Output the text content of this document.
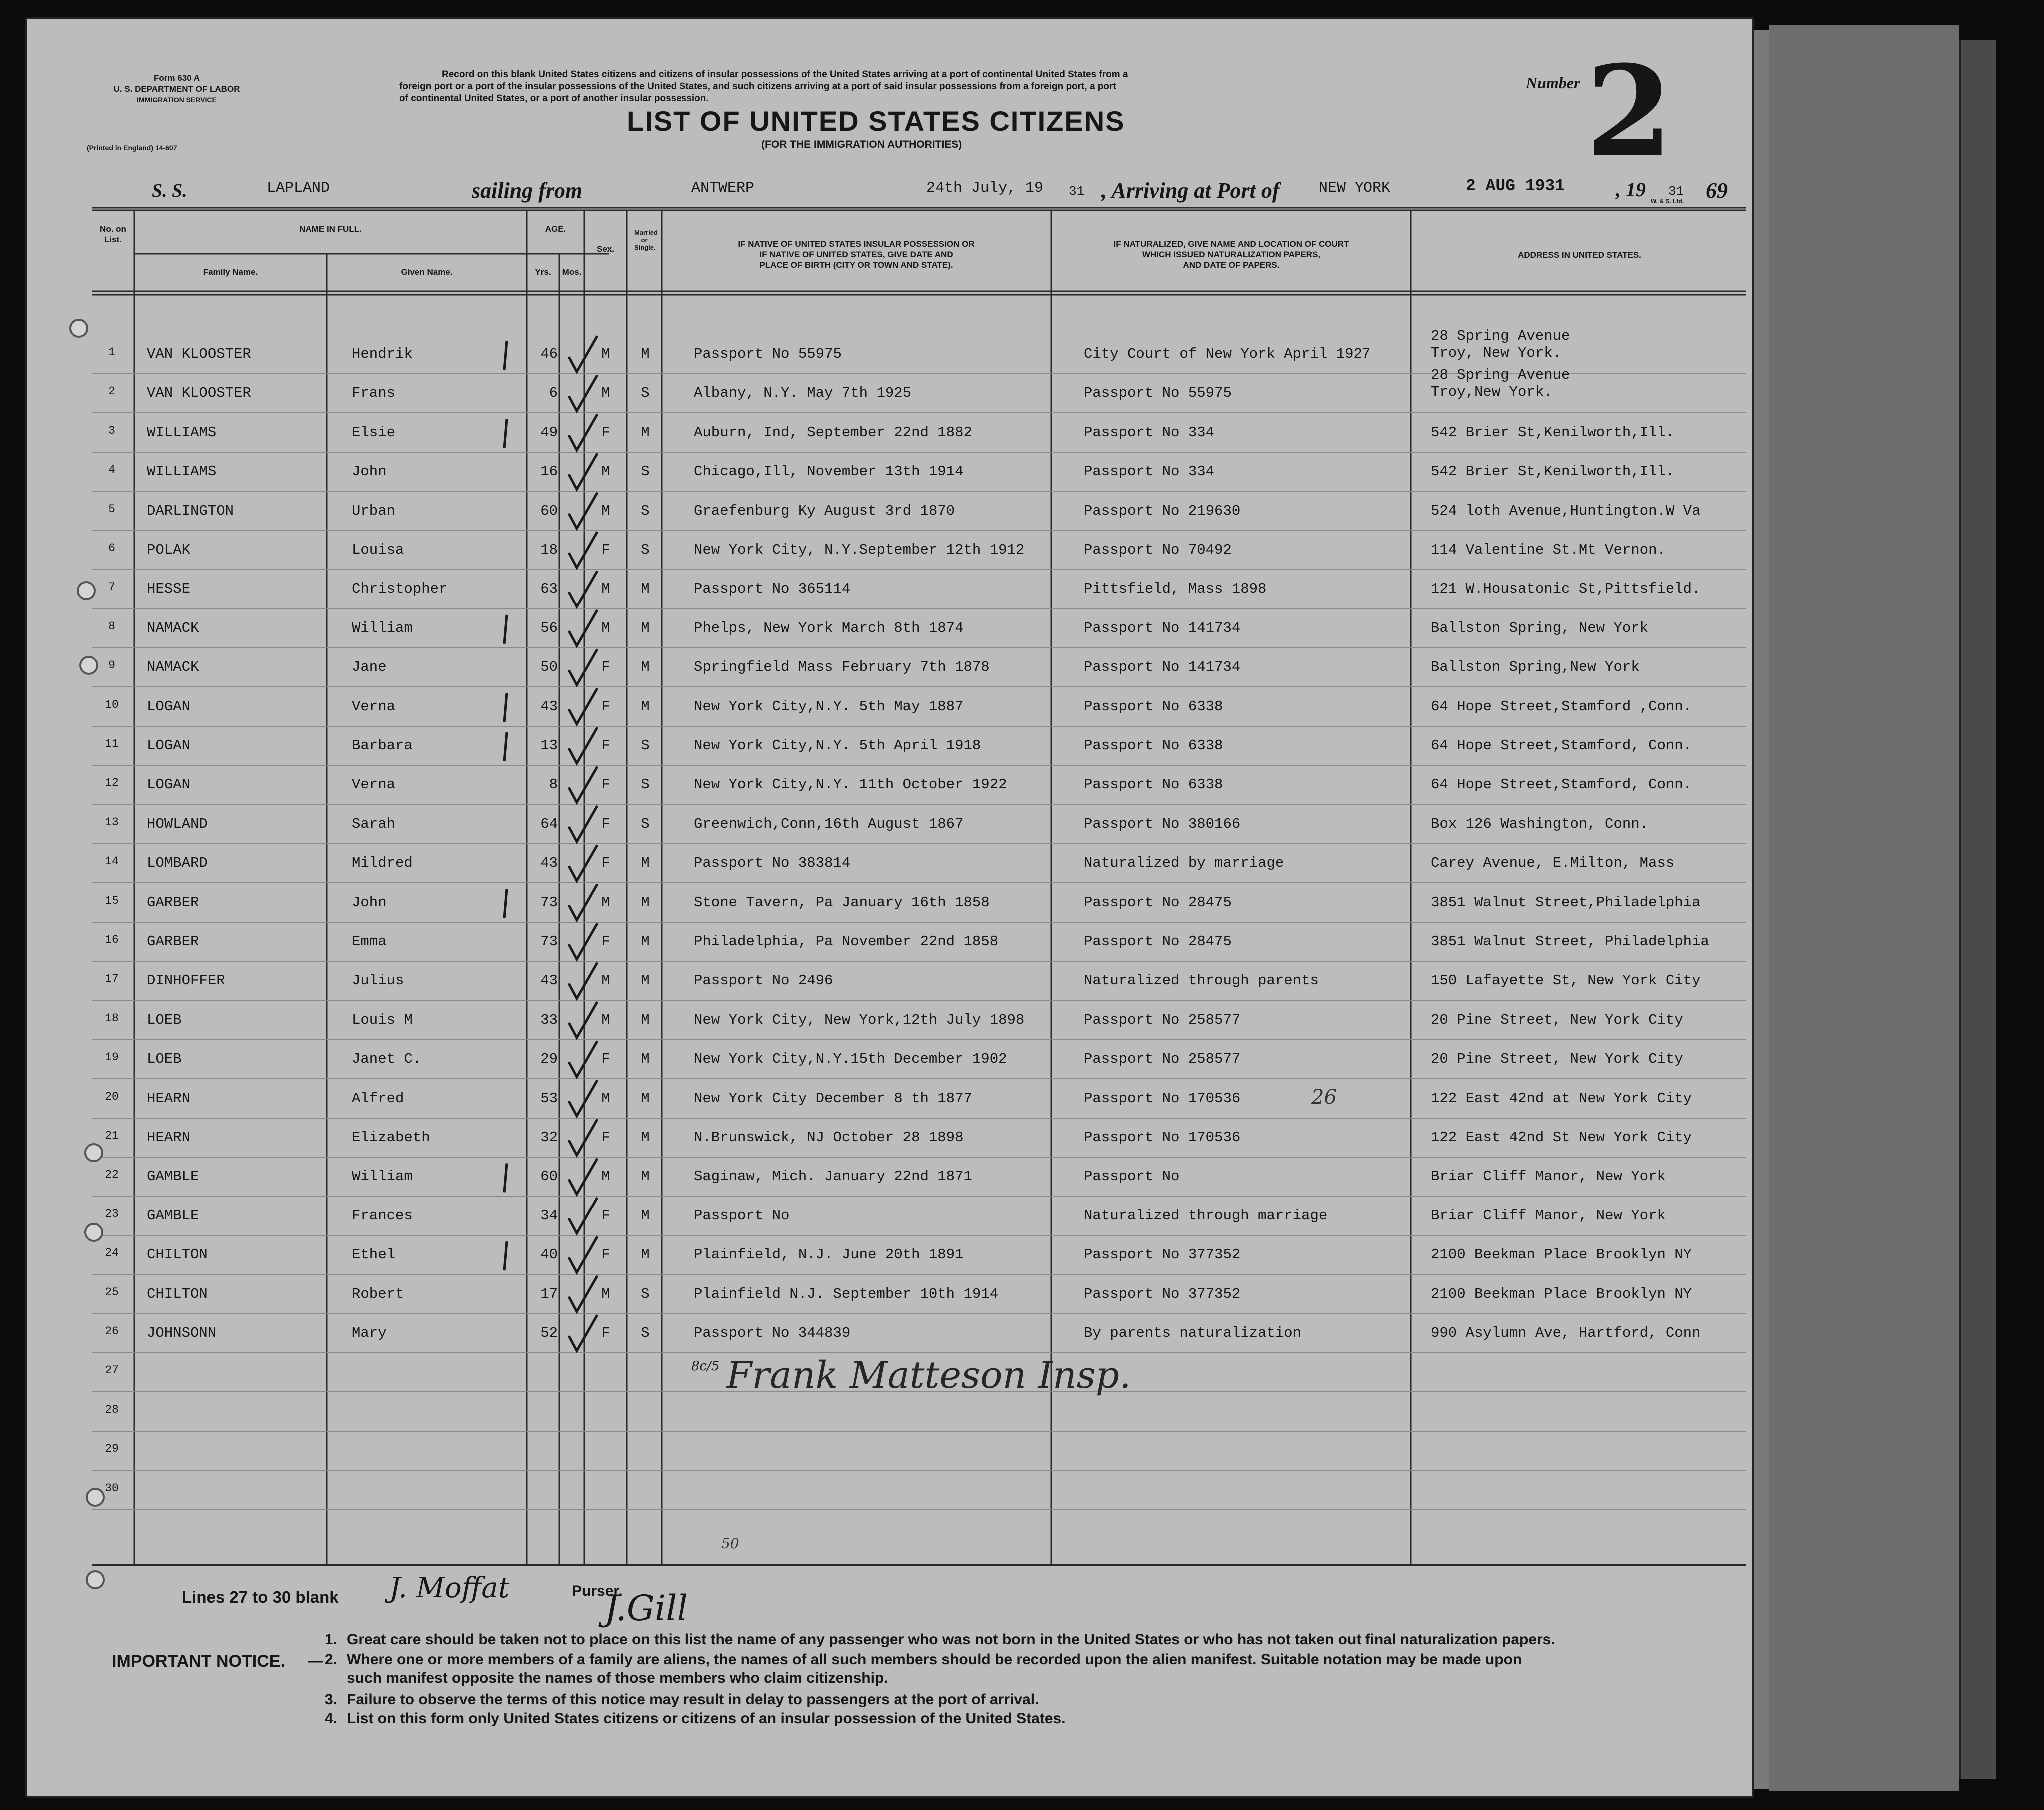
Form 630 A
U. S. DEPARTMENT OF LABOR
IMMIGRATION SERVICE
(Printed in England) 14-607
Record on this blank United States citizens and citizens of insular possessions of the United States arriving at a port of continental United States from a
foreign port or a port of the insular possessions of the United States, and such citizens arriving at a port of said insular possessions from a foreign port, a port
of continental United States, or a port of another insular possession.
LIST OF UNITED STATES CITIZENS
(FOR THE IMMIGRATION AUTHORITIES)
Number 2
S. S.	LAPLAND	sailing from	ANTWERP	24th July, 19 31 , Arriving at Port of	NEW YORK	2 AUG 1931	, 19 31
W. & S. Ltd. 69
No. on List.
NAME IN FULL.
Family Name.	Given Name.
AGE.
Yrs.	Mos.
Sex.
Married or Single.	IF NATIVE OF UNITED STATES INSULAR POSSESSION OR
IF NATIVE OF UNITED STATES, GIVE DATE AND
PLACE OF BIRTH (CITY OR TOWN AND STATE).
IF NATURALIZED, GIVE NAME AND LOCATION OF COURT
WHICH ISSUED NATURALIZATION PAPERS,
AND DATE OF PAPERS.
ADDRESS IN UNITED STATES.
1	VAN KLOOSTER	Hendrik	46	M	M	Passport No 55975	City Court of New York April 1927
28 Spring Avenue
Troy, New York.
2	VAN KLOOSTER	Frans	6	M	S	Albany, N.Y. May 7th 1925	Passport No 55975
28 Spring Avenue
Troy,New York.
3	WILLIAMS	Elsie	49	F	M	Auburn, Ind, September 22nd 1882	Passport No 334	542 Brier St,Kenilworth,Ill.
4	WILLIAMS	John	16	M	S	Chicago,Ill, November 13th 1914	Passport No 334	542 Brier St,Kenilworth,Ill.
5	DARLINGTON	Urban	60	M	S	Graefenburg Ky August 3rd 1870	Passport No 219630	524 loth Avenue,Huntington.W Va
6	POLAK	Louisa	18	F	S	New York City, N.Y.September 12th 1912	Passport No 70492	114 Valentine St.Mt Vernon.
7	HESSE	Christopher	63	M	M	Passport No 365114	Pittsfield, Mass 1898	121 W.Housatonic St,Pittsfield.
8	NAMACK	William	56	M	M	Phelps, New York March 8th 1874	Passport No 141734	Ballston Spring, New York
9	NAMACK	Jane	50	F	M	Springfield Mass February 7th 1878	Passport No 141734	Ballston Spring,New York
10	LOGAN	Verna	43	F	M	New York City,N.Y. 5th May 1887	Passport No 6338	64 Hope Street,Stamford ,Conn.
11	LOGAN	Barbara	13	F	S	New York City,N.Y. 5th April 1918	Passport No 6338	64 Hope Street,Stamford, Conn.
12	LOGAN	Verna	8	F	S	New York City,N.Y. 11th October 1922	Passport No 6338	64 Hope Street,Stamford, Conn.
13	HOWLAND	Sarah	64	F	S	Greenwich,Conn,16th August 1867	Passport No 380166	Box 126 Washington, Conn.
14	LOMBARD	Mildred	43	F	M	Passport No 383814	Naturalized by marriage	Carey Avenue, E.Milton, Mass
15	GARBER	John	73	M	M	Stone Tavern, Pa January 16th 1858	Passport No 28475	3851 Walnut Street,Philadelphia
16	GARBER	Emma	73	F	M	Philadelphia, Pa November 22nd 1858	Passport No 28475	3851 Walnut Street, Philadelphia
17	DINHOFFER	Julius	43	M	M	Passport No 2496	Naturalized through parents	150 Lafayette St, New York City
18	LOEB	Louis M	33	M	M	New York City, New York,12th July 1898	Passport No 258577	20 Pine Street, New York City
19	LOEB	Janet C.	29	F	M	New York City,N.Y.15th December 1902	Passport No 258577	20 Pine Street, New York City
20	HEARN	Alfred	53	M	M	New York City December 8 th 1877	Passport No 170536	122 East 42nd at New York City
21	HEARN	Elizabeth	32	F	M	N.Brunswick, NJ October 28 1898	Passport No 170536	122 East 42nd St New York City
22	GAMBLE	William	60	M	M	Saginaw, Mich. January 22nd 1871	Passport No	Briar Cliff Manor, New York
23	GAMBLE	Frances	34	F	M	Passport No	Naturalized through marriage	Briar Cliff Manor, New York
24	CHILTON	Ethel	40	F	M	Plainfield, N.J. June 20th 1891	Passport No 377352	2100 Beekman Place Brooklyn NY
25	CHILTON	Robert	17	M	S	Plainfield N.J. September 10th 1914	Passport No 377352	2100 Beekman Place Brooklyn NY
26	JOHNSONN	Mary	52	F	S	Passport No 344839	By parents naturalization	990 Asylumn Ave, Hartford, Conn
27
28
29
30
8c/5 Frank Matteson Insp.
26
50
Lines 27 to 30 blank J. Moffat	Purser.
J.Gill
IMPORTANT NOTICE. —
1. Great care should be taken not to place on this list the name of any passenger who was not born in the United States or who has not taken out final naturalization papers.
2. Where one or more members of a family are aliens, the names of all such members should be recorded upon the alien manifest. Suitable notation may be made upon
such manifest opposite the names of those members who claim citizenship.
3. Failure to observe the terms of this notice may result in delay to passengers at the port of arrival.
4. List on this form only United States citizens or citizens of an insular possession of the United States.
